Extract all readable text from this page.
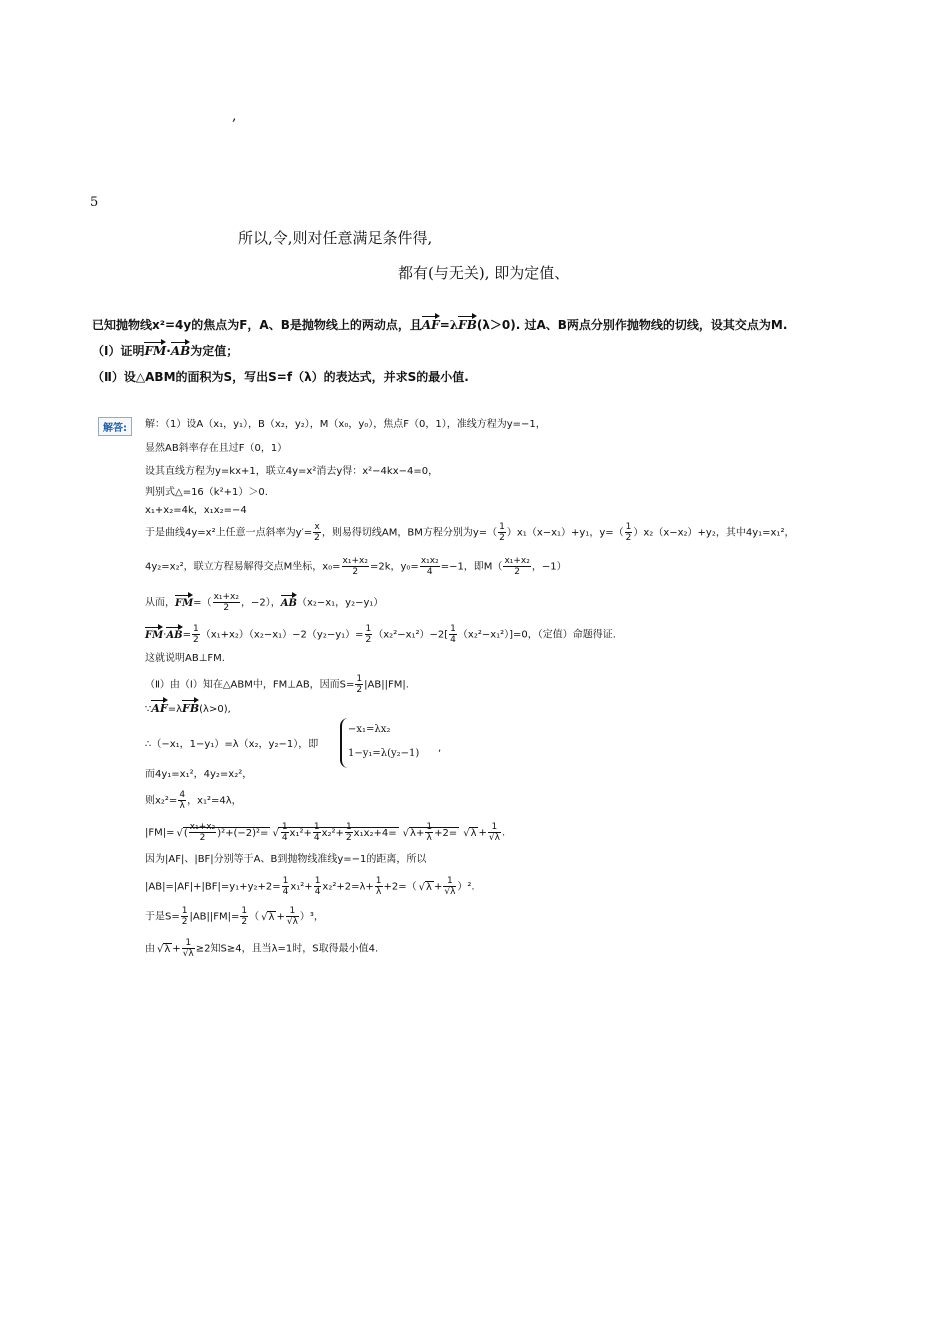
,
5
所以,令,则对任意满足条件得,
都有(与无关), 即为定值、
已知抛物线x²=4y的焦点为F，A、B是抛物线上的两动点，且AF=λFB(λ＞0). 过A、B两点分别作抛物线的切线，设其交点为M.
（Ⅰ）证明FM·AB为定值；
（Ⅱ）设△ABM的面积为S，写出S=f（λ）的表达式，并求S的最小值.
解答:	解：（1）设A（x₁，y₁），B（x₂，y₂），M（x₀，y₀），焦点F（0，1），准线方程为y=−1，
显然AB斜率存在且过F（0，1）
设其直线方程为y=kx+1，联立4y=x²消去y得：x²−4kx−4=0，
判别式△=16（k²+1）＞0.
x₁+x₂=4k，x₁x₂=−4
于是曲线4y=x²上任意一点斜率为$y'= \frac{x}{2}$ ，则易得切线AM，BM方程分别为$y=( \frac{1}{2} )x_1(x-x_1)+y_1$，$y=( \frac{1}{2} )x_2(x-x_2)+y_2$，其中4y₁=x₁²，
4y₂=x₂²，联立方程易解得交点M坐标，$x_0= \frac{\text{x₁+x₂}}{2} =2k$，$y_0= \frac{\text{x₁x₂}}{4} =-1$，即$M( \frac{\text{x₁+x₂}}{2}$ ，−1）
从而，$FM=( \frac{\text{x₁+x₂}}{2}$ ，−2），AB（x₂−x₁，y₂−y₁）
$FM\cdot AB= \frac{1}{2} (x_1+x_2)(x_2-x_1)-2(y_2-y_1)= \frac{1}{2} (x_2^2-x_1^2)-2[ \frac{1}{4} (x_2^2-x_1^2)]=0$，（定值）命题得证.
这就说明AB⊥FM.
（Ⅱ）由（Ⅰ）知在△ABM中，FM⊥AB，因而$S= \frac{1}{2} |AB||FM|$.
∵AF=λFB(λ>0),
∴（−x₁，1−y₁）=λ（x₂，y₂−1），即
−x₁=λx₂
1−y₁=λ(y₂−1) ,
而4y₁=x₁²，4y₂=x₂²，
则$x_2^2= \frac{4}{\lambda}$ ，x₁²=4λ，
|FM|=√ ( $\frac{\text{x₁+x₂}}{2} )^2+(-2)^2=$
√ $\frac{1}{4} x_1^2+ \frac{1}{4} x_2^2+ \frac{1}{2} x_1x_2+4=√$ $\lambda+ \frac{1}{\lambda} +2=√$ $\lambda + \frac{1}{√\lambda}$ .
因为|AF|、|BF|分别等于A、B到抛物线准线y=−1的距离，所以
$|AB|=|AF|+|BF|=y_1+y_2+2= \frac{1}{4} x_1^2+ \frac{1}{4} x_2^2+2=\lambda+ \frac{1}{\lambda} +2=(√$ $\lambda + \frac{1}{√\lambda} )^2$.
于是$S= \frac{1}{2} |AB||FM|= \frac{1}{2}$ （√ $\lambda + \frac{1}{√\lambda} )^3$，
由√ $\lambda + \frac{1}{√\lambda} \ge 2$知S≥4，且当λ=1时，S取得最小值4.
